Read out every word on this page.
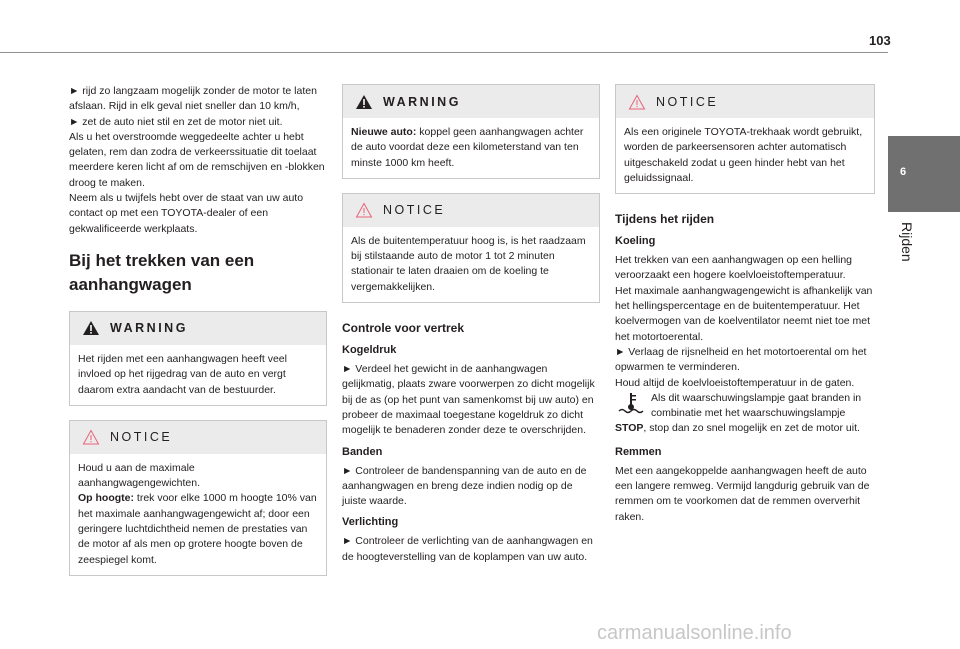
103
6
Rijden

► rijd zo langzaam mogelijk zonder de motor te laten afslaan. Rijd in elk geval niet sneller dan 10 km/h,

► zet de auto niet stil en zet de motor niet uit.

Als u het overstroomde weggedeelte achter u hebt gelaten, rem dan zodra de verkeerssituatie dit toelaat meerdere keren licht af om de remschijven en -blokken droog te maken.

Neem als u twijfels hebt over de staat van uw auto contact op met een TOYOTA-dealer of een gekwalificeerde werkplaats.

Bij het trekken van een aanhangwagen
WARNING

Het rijden met een aanhangwagen heeft veel invloed op het rijgedrag van de auto en vergt daarom extra aandacht van de bestuurder.

NOTICE

Houd u aan de maximale aanhangwagengewichten.

Op hoogte: trek voor elke 1000 m hoogte 10% van het maximale aanhangwagengewicht af; door een geringere luchtdichtheid nemen de prestaties van de motor af als men op grotere hoogte boven de zeespiegel komt.

WARNING

Nieuwe auto: koppel geen aanhangwagen achter de auto voordat deze een kilometerstand van ten minste 1000 km heeft.

NOTICE

Als de buitentemperatuur hoog is, is het raadzaam bij stilstaande auto de motor 1 tot 2 minuten stationair te laten draaien om de koeling te vergemakkelijken.

Controle voor vertrek
Kogeldruk

► Verdeel het gewicht in de aanhangwagen gelijkmatig, plaats zware voorwerpen zo dicht mogelijk bij de as (op het punt van samenkomst bij uw auto) en probeer de maximaal toegestane kogeldruk zo dicht mogelijk te benaderen zonder deze te overschrijden.

Banden

► Controleer de bandenspanning van de auto en de aanhangwagen en breng deze indien nodig op de juiste waarde.

Verlichting

► Controleer de verlichting van de aanhangwagen en de hoogteverstelling van de koplampen van uw auto.

NOTICE

Als een originele TOYOTA-trekhaak wordt gebruikt, worden de parkeersensoren achter automatisch uitgeschakeld zodat u geen hinder hebt van het geluidssignaal.

Tijdens het rijden
Koeling

Het trekken van een aanhangwagen op een helling veroorzaakt een hogere koelvloeistoftemperatuur.

Het maximale aanhangwagengewicht is afhankelijk van het hellingspercentage en de buitentemperatuur. Het koelvermogen van de koelventilator neemt niet toe met het motortoerental.

► Verlaag de rijsnelheid en het motortoerental om het opwarmen te verminderen.

Houd altijd de koelvloeistoftemperatuur in de gaten.

Als dit waarschuwingslampje gaat branden in combinatie met het waarschuwingslampje STOP, stop dan zo snel mogelijk en zet de motor uit.

Remmen

Met een aangekoppelde aanhangwagen heeft de auto een langere remweg. Vermijd langdurig gebruik van de remmen om te voorkomen dat de remmen oververhit raken.

carmanualsonline.info
